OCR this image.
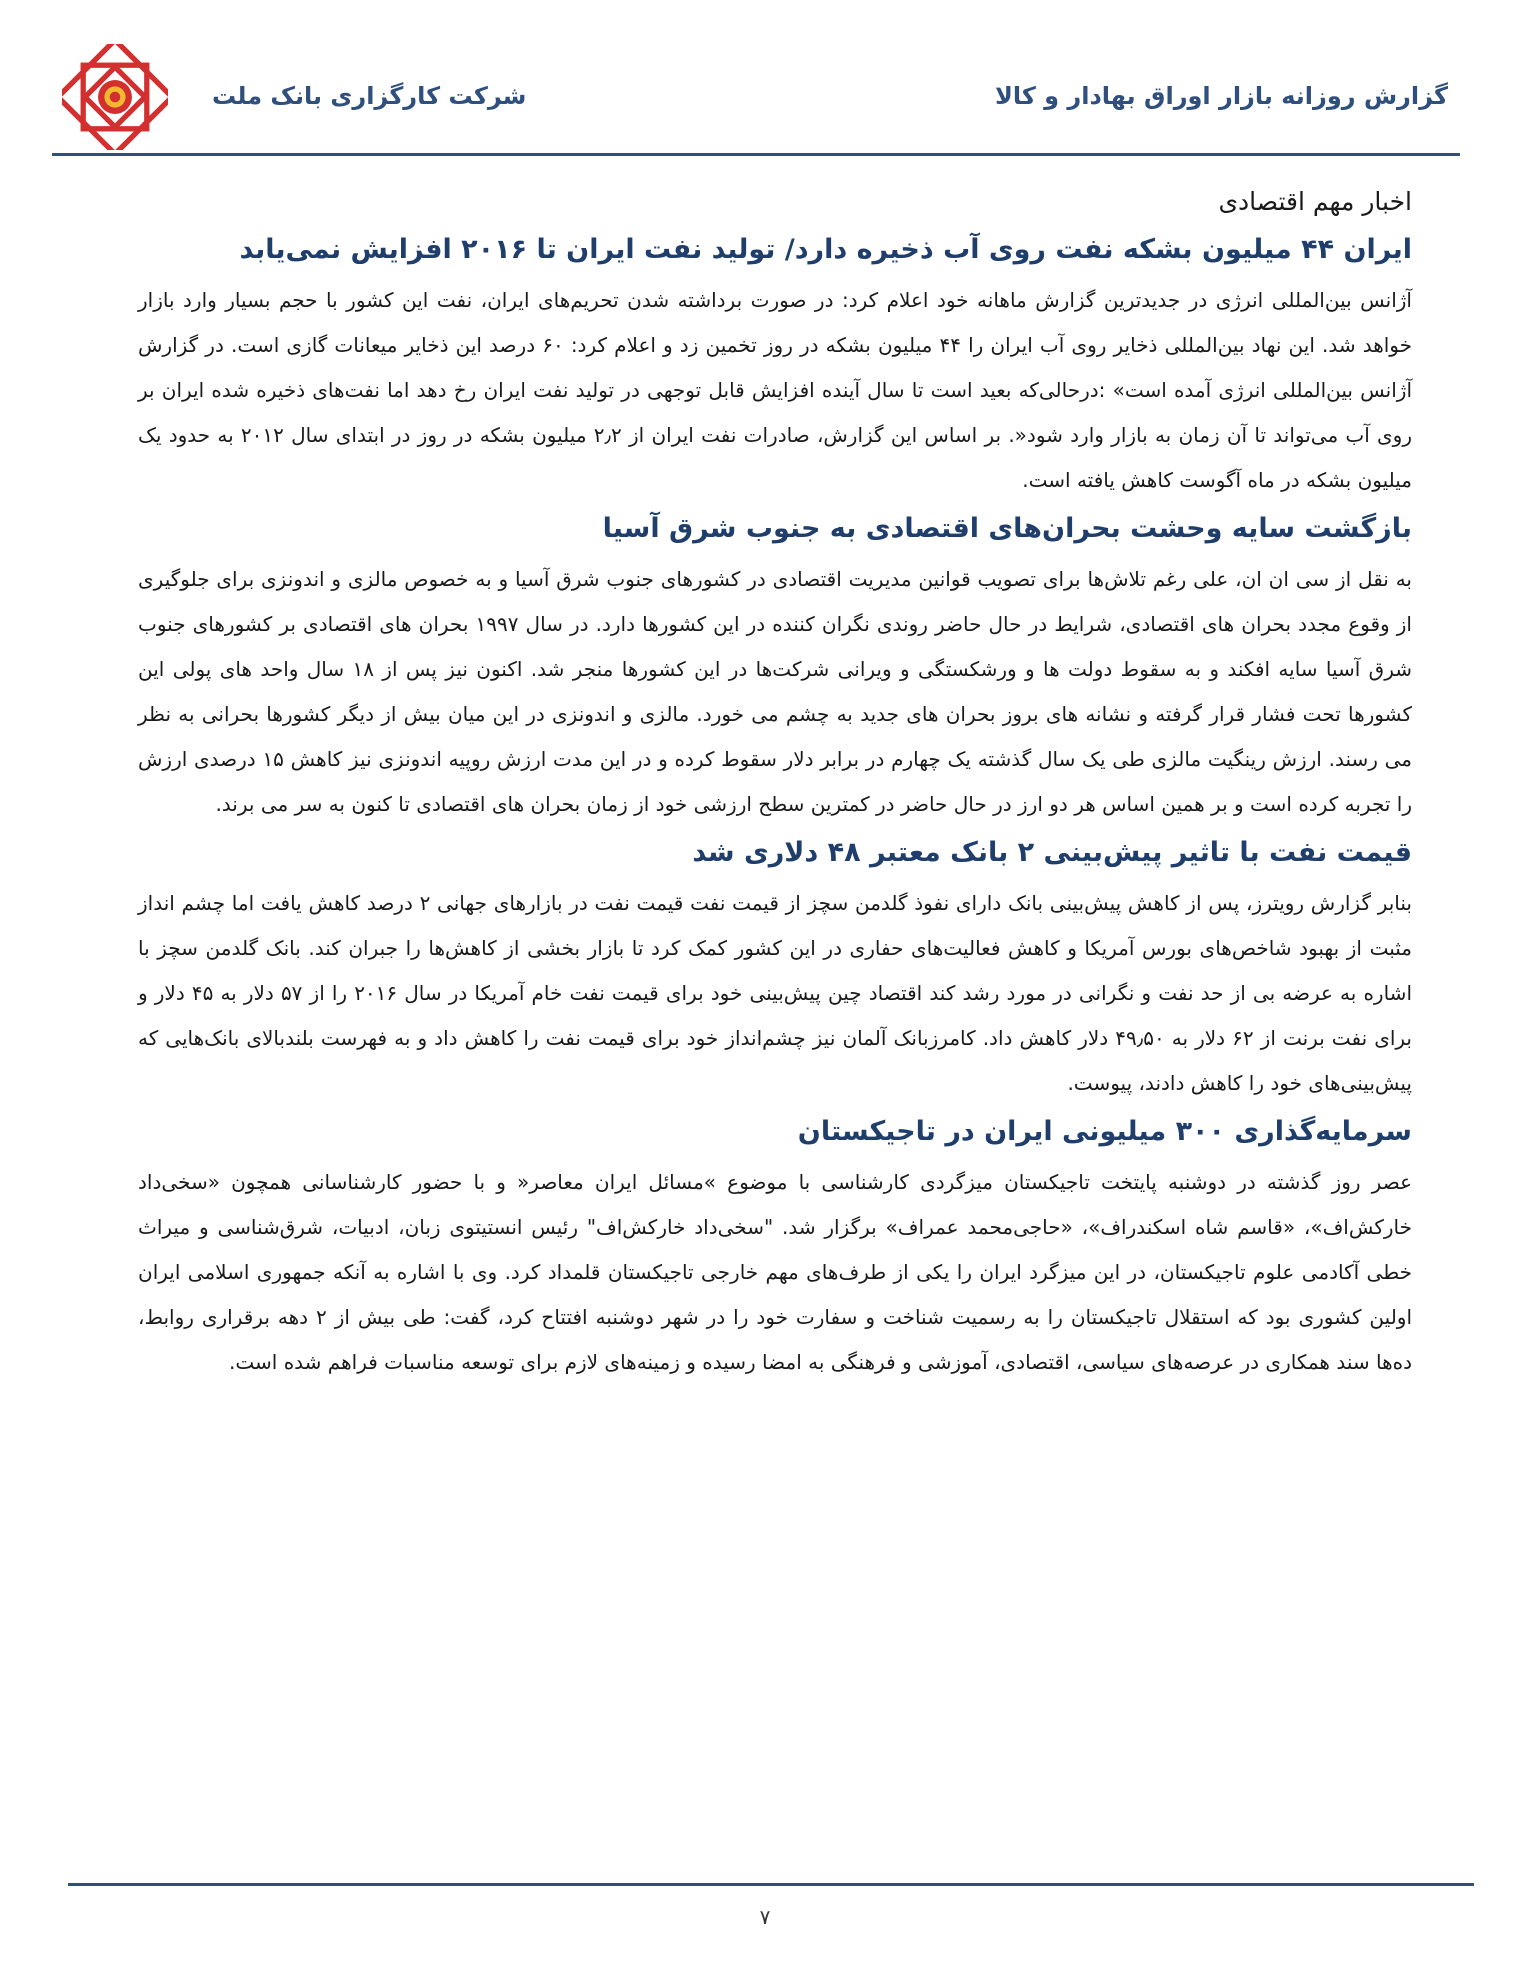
شرکت کارگزاری بانک ملت	گزارش روزانه بازار اوراق بهادار و کالا
اخبار مهم اقتصادی
ایران ۴۴ میلیون بشکه نفت روی آب ذخیره دارد/ تولید نفت ایران تا ۲۰۱۶ افزایش نمی‌یابد

آژانس بین‌المللی انرژی در جدیدترین گزارش ماهانه خود اعلام کرد: در صورت برداشته شدن تحریم‌های ایران، نفت این کشور با حجم بسیار وارد بازار خواهد شد. این نهاد بین‌المللی ذخایر روی آب ایران را ۴۴ میلیون بشکه در روز تخمین زد و اعلام کرد: ۶۰ درصد این ذخایر میعانات گازی است. در گزارش آژانس بین‌المللی انرژی آمده است» :درحالی‌که بعید است تا سال آینده افزایش قابل توجهی در تولید نفت ایران رخ دهد اما نفت‌های ذخیره شده ایران بر روی آب می‌تواند تا آن زمان به بازار وارد شود«. بر اساس این گزارش، صادرات نفت ایران از ۲٫۲ میلیون بشکه در روز در ابتدای سال ۲۰۱۲ به حدود یک میلیون بشکه در ماه آگوست کاهش یافته است.

بازگشت سایه وحشت بحران‌های اقتصادی به جنوب شرق آسیا

به نقل از سی ان ان، علی رغم تلاش‌ها برای تصویب قوانین مدیریت اقتصادی در کشورهای جنوب شرق آسیا و به خصوص مالزی و اندونزی برای جلوگیری از وقوع مجدد بحران های اقتصادی، شرایط در حال حاضر روندی نگران کننده در این کشورها دارد. در سال ۱۹۹۷ بحران های اقتصادی بر کشورهای جنوب شرق آسیا سایه افکند و به سقوط دولت ها و ورشکستگی و ویرانی شرکت‌ها در این کشورها منجر شد. اکنون نیز پس از ۱۸ سال واحد های پولی این کشورها تحت فشار قرار گرفته و نشانه های بروز بحران های جدید به چشم می خورد. مالزی و اندونزی در این میان بیش از دیگر کشورها بحرانی به نظر می رسند. ارزش رینگیت مالزی طی یک سال گذشته یک چهارم در برابر دلار سقوط کرده و در این مدت ارزش روپیه اندونزی نیز کاهش ۱۵ درصدی ارزش را تجربه کرده است و بر همین اساس هر دو ارز در حال حاضر در کمترین سطح ارزشی خود از زمان بحران های اقتصادی تا کنون به سر می برند.

قیمت نفت با تاثیر پیش‌بینی ۲ بانک معتبر ۴۸ دلاری شد

بنابر گزارش رویترز، پس از کاهش پیش‌بینی بانک دارای نفوذ گلدمن سچز از قیمت نفت قیمت نفت در بازارهای جهانی ۲ درصد کاهش یافت اما چشم انداز مثبت از بهبود شاخص‌های بورس آمریکا و کاهش فعالیت‌های حفاری در این کشور کمک کرد تا بازار بخشی از کاهش‌ها را جبران کند. بانک گلدمن سچز با اشاره به عرضه بی از حد نفت و نگرانی در مورد رشد کند اقتصاد چین پیش‌بینی خود برای قیمت نفت خام آمریکا در سال ۲۰۱۶ را از ۵۷ دلار به ۴۵ دلار و برای نفت برنت از ۶۲ دلار به ۴۹٫۵۰ دلار کاهش داد. کامرزبانک آلمان نیز چشم‌انداز خود برای قیمت نفت را کاهش داد و به فهرست بلندبالای بانک‌هایی که پیش‌بینی‌های خود را کاهش دادند، پیوست.

سرمایه‌گذاری ۳۰۰ میلیونی ایران در تاجیکستان

عصر روز گذشته در دوشنبه پایتخت تاجیکستان میزگردی کارشناسی با موضوع »مسائل ایران معاصر« و با حضور کارشناسانی همچون «سخی‌داد خارکش‌اف»، «قاسم شاه اسکندراف»، «حاجی‌محمد عمراف» برگزار شد. "سخی‌داد خارکش‌اف" رئیس انستیتوی زبان، ادبیات، شرق‌شناسی و میراث خطی آکادمی علوم تاجیکستان، در این میزگرد ایران را یکی از طرف‌های مهم خارجی تاجیکستان قلمداد کرد. وی با اشاره به آنکه جمهوری اسلامی ایران اولین کشوری بود که استقلال تاجیکستان را به رسمیت شناخت و سفارت خود را در شهر دوشنبه افتتاح کرد، گفت: طی بیش از ۲ دهه برقراری روابط، ده‌ها سند همکاری در عرصه‌های سیاسی، اقتصادی، آموزشی و فرهنگی به امضا رسیده و زمینه‌های لازم برای توسعه مناسبات فراهم شده است.

۷
